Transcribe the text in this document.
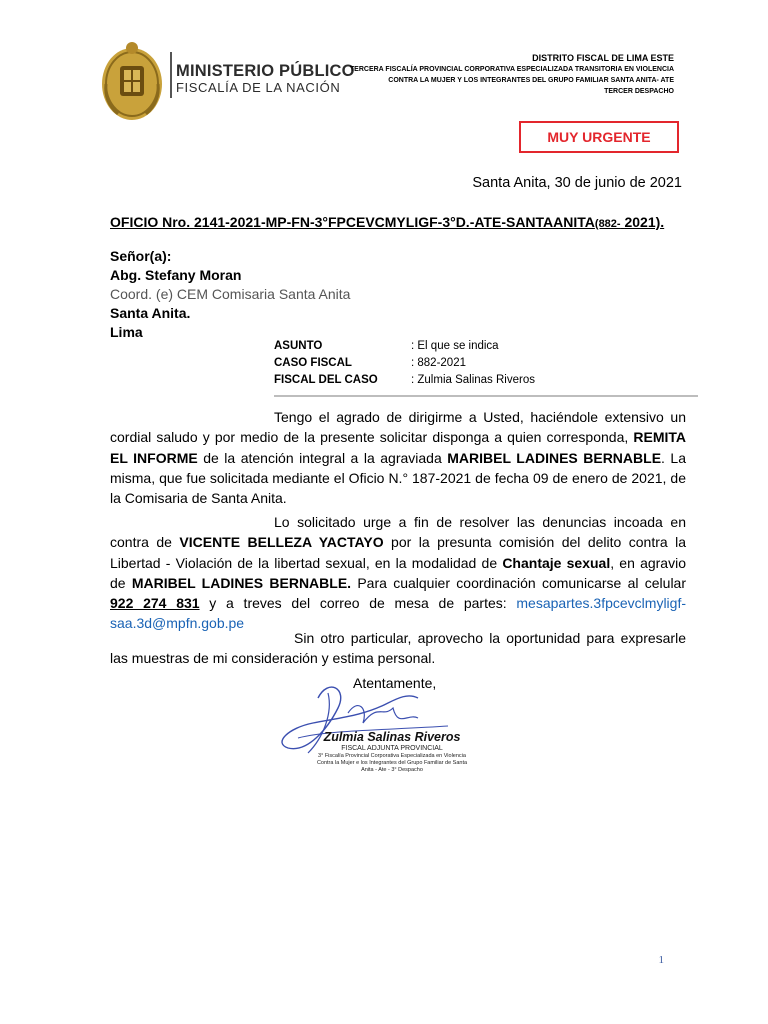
MINISTERIO PÚBLICO
FISCALÍA DE LA NACIÓN
DISTRITO FISCAL DE LIMA ESTE
TERCERA FISCALÍA PROVINCIAL CORPORATIVA ESPECIALIZADA TRANSITORIA EN VIOLENCIA
CONTRA LA MUJER Y LOS INTEGRANTES DEL GRUPO FAMILIAR SANTA ANITA- ATE
TERCER DESPACHO
MUY URGENTE
Santa Anita, 30 de junio de 2021
OFICIO Nro. 2141-2021-MP-FN-3°FPCEVCMYLIGF-3°D.-ATE-SANTAANITA(882- 2021).
Señor(a):
Abg. Stefany Moran
Coord. (e) CEM Comisaria Santa Anita
Santa Anita.
Lima
ASUNTO	: El que se indica
CASO FISCAL	: 882-2021
FISCAL DEL CASO	: Zulmia Salinas Riveros
Tengo el agrado de dirigirme a Usted, haciéndole extensivo un cordial saludo y por medio de la presente solicitar disponga a quien corresponda, REMITA EL INFORME de la atención integral a la agraviada MARIBEL LADINES BERNABLE. La misma, que fue solicitada mediante el Oficio N.° 187-2021 de fecha 09 de enero de 2021, de la Comisaria de Santa Anita.
Lo solicitado urge a fin de resolver las denuncias incoada en contra de VICENTE BELLEZA YACTAYO por la presunta comisión del delito contra la Libertad - Violación de la libertad sexual, en la modalidad de Chantaje sexual, en agravio de MARIBEL LADINES BERNABLE. Para cualquier coordinación comunicarse al celular 922 274 831 y a treves del correo de mesa de partes: mesapartes.3fpcevclmyligf-saa.3d@mpfn.gob.pe
Sin otro particular, aprovecho la oportunidad para expresarle las muestras de mi consideración y estima personal.
Atentamente,
Zulmia Salinas Riveros
FISCAL ADJUNTA PROVINCIAL
3° Fiscalía Provincial Corporativa Especializada en Violencia Contra la Mujer e los Integrantes del Grupo Familiar de Santa Anita - Ate - 3° Despacho
1
